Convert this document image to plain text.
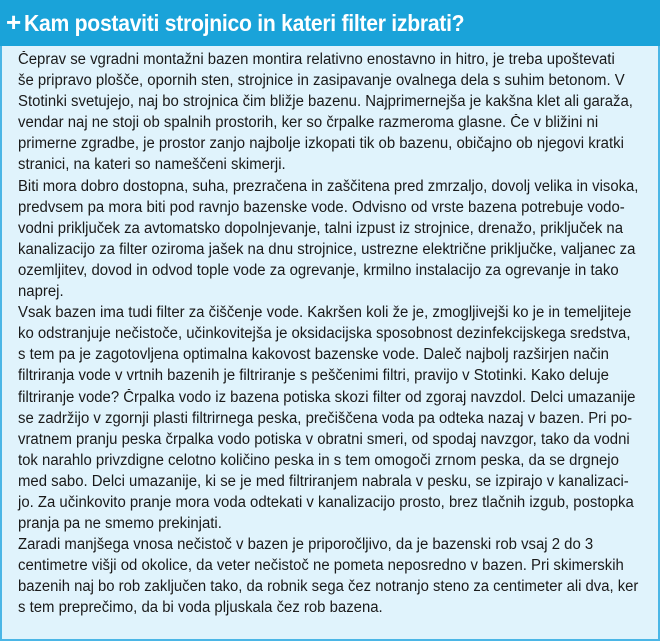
+ Kam postaviti strojnico in kateri filter izbrati?
Čeprav se vgradni montažni bazen montira relativno enostavno in hitro, je treba upoštevati
še pripravo plošče, opornih sten, strojnice in zasipavanje ovalnega dela s suhim betonom. V
Stotinki svetujejo, naj bo strojnica čim bližje bazenu. Najprimernejša je kakšna klet ali garaža,
vendar naj ne stoji ob spalnih prostorih, ker so črpalke razmeroma glasne. Če v bližini ni
primerne zgradbe, je prostor zanjo najbolje izkopati tik ob bazenu, običajno ob njegovi kratki
stranici, na kateri so nameščeni skimerji.
Biti mora dobro dostopna, suha, prezračena in zaščitena pred zmrzaljo, dovolj velika in visoka,
predvsem pa mora biti pod ravnjo bazenske vode. Odvisno od vrste bazena potrebuje vodo-
vodni priključek za avtomatsko dopolnjevanje, talni izpust iz strojnice, drenažo, priključek na
kanalizacijo za filter oziroma jašek na dnu strojnice, ustrezne električne priključke, valjanec za
ozemljitev, dovod in odvod tople vode za ogrevanje, krmilno instalacijo za ogrevanje in tako
naprej.
Vsak bazen ima tudi filter za čiščenje vode. Kakršen koli že je, zmogljivejši ko je in temeljiteje
ko odstranjuje nečistoče, učinkovitejša je oksidacijska sposobnost dezinfekcijskega sredstva,
s tem pa je zagotovljena optimalna kakovost bazenske vode. Daleč najbolj razširjen način
filtriranja vode v vrtnih bazenih je filtriranje s peščenimi filtri, pravijo v Stotinki. Kako deluje
filtriranje vode? Črpalka vodo iz bazena potiska skozi filter od zgoraj navzdol. Delci umazanije
se zadržijo v zgornji plasti filtrirnega peska, prečiščena voda pa odteka nazaj v bazen. Pri po-
vratnem pranju peska črpalka vodo potiska v obratni smeri, od spodaj navzgor, tako da vodni
tok narahlo privzdigne celotno količino peska in s tem omogoči zrnom peska, da se drgnejo
med sabo. Delci umazanije, ki se je med filtriranjem nabrala v pesku, se izpirajo v kanalizaci-
jo. Za učinkovito pranje mora voda odtekati v kanalizacijo prosto, brez tlačnih izgub, postopka
pranja pa ne smemo prekinjati.
Zaradi manjšega vnosa nečistoč v bazen je priporočljivo, da je bazenski rob vsaj 2 do 3
centimetre višji od okolice, da veter nečistoč ne pometa neposredno v bazen. Pri skimerskih
bazenih naj bo rob zaključen tako, da robnik sega čez notranjo steno za centimeter ali dva, ker
s tem preprečimo, da bi voda pljuskala čez rob bazena.
